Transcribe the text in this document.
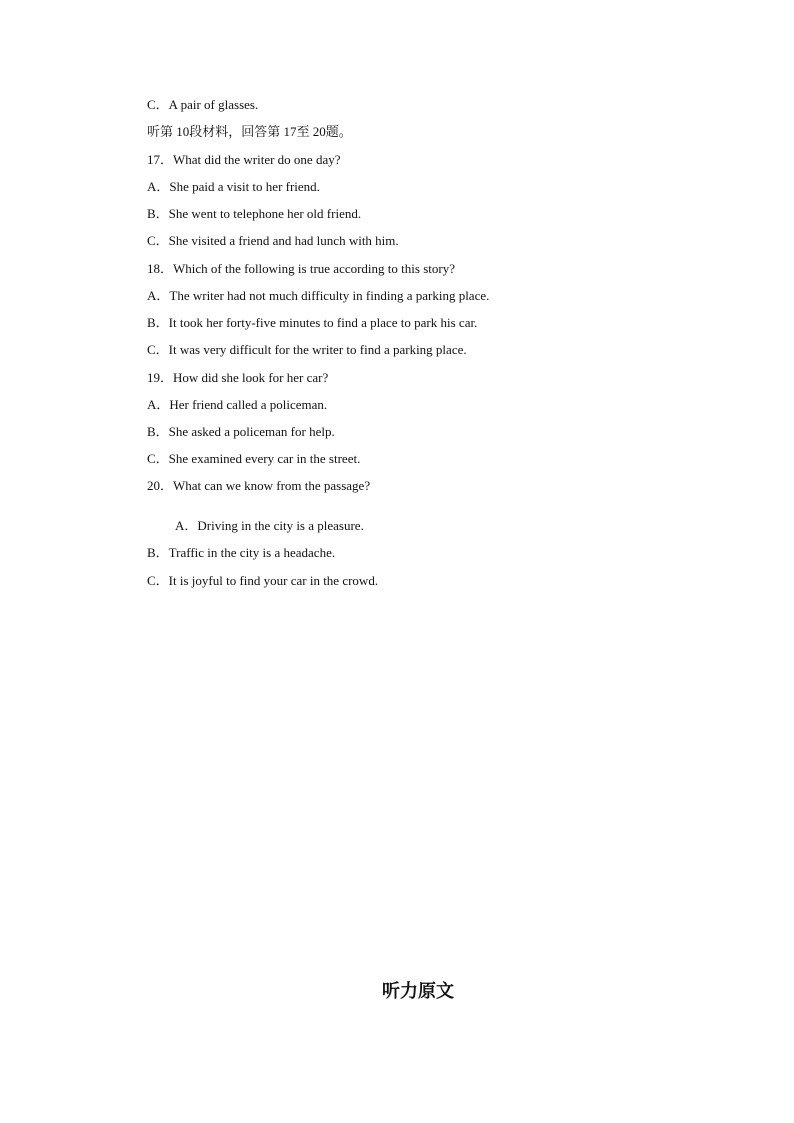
C．A pair of glasses.
听第 10段材料，回答第 17至 20题。
17．What did the writer do one day?
A．She paid a visit to her friend.
B．She went to telephone her old friend.
C．She visited a friend and had lunch with him.
18．Which of the following is true according to this story?
A．The writer had not much difficulty in finding a parking place.
B．It took her forty-five minutes to find a place to park his car.
C．It was very difficult for the writer to find a parking place.
19．How did she look for her car?
A．Her friend called a policeman.
B．She asked a policeman for help.
C．She examined every car in the street.
20．What can we know from the passage?
A．Driving in the city is a pleasure.
B．Traffic in the city is a headache.
C．It is joyful to find your car in the crowd.
听力原文
